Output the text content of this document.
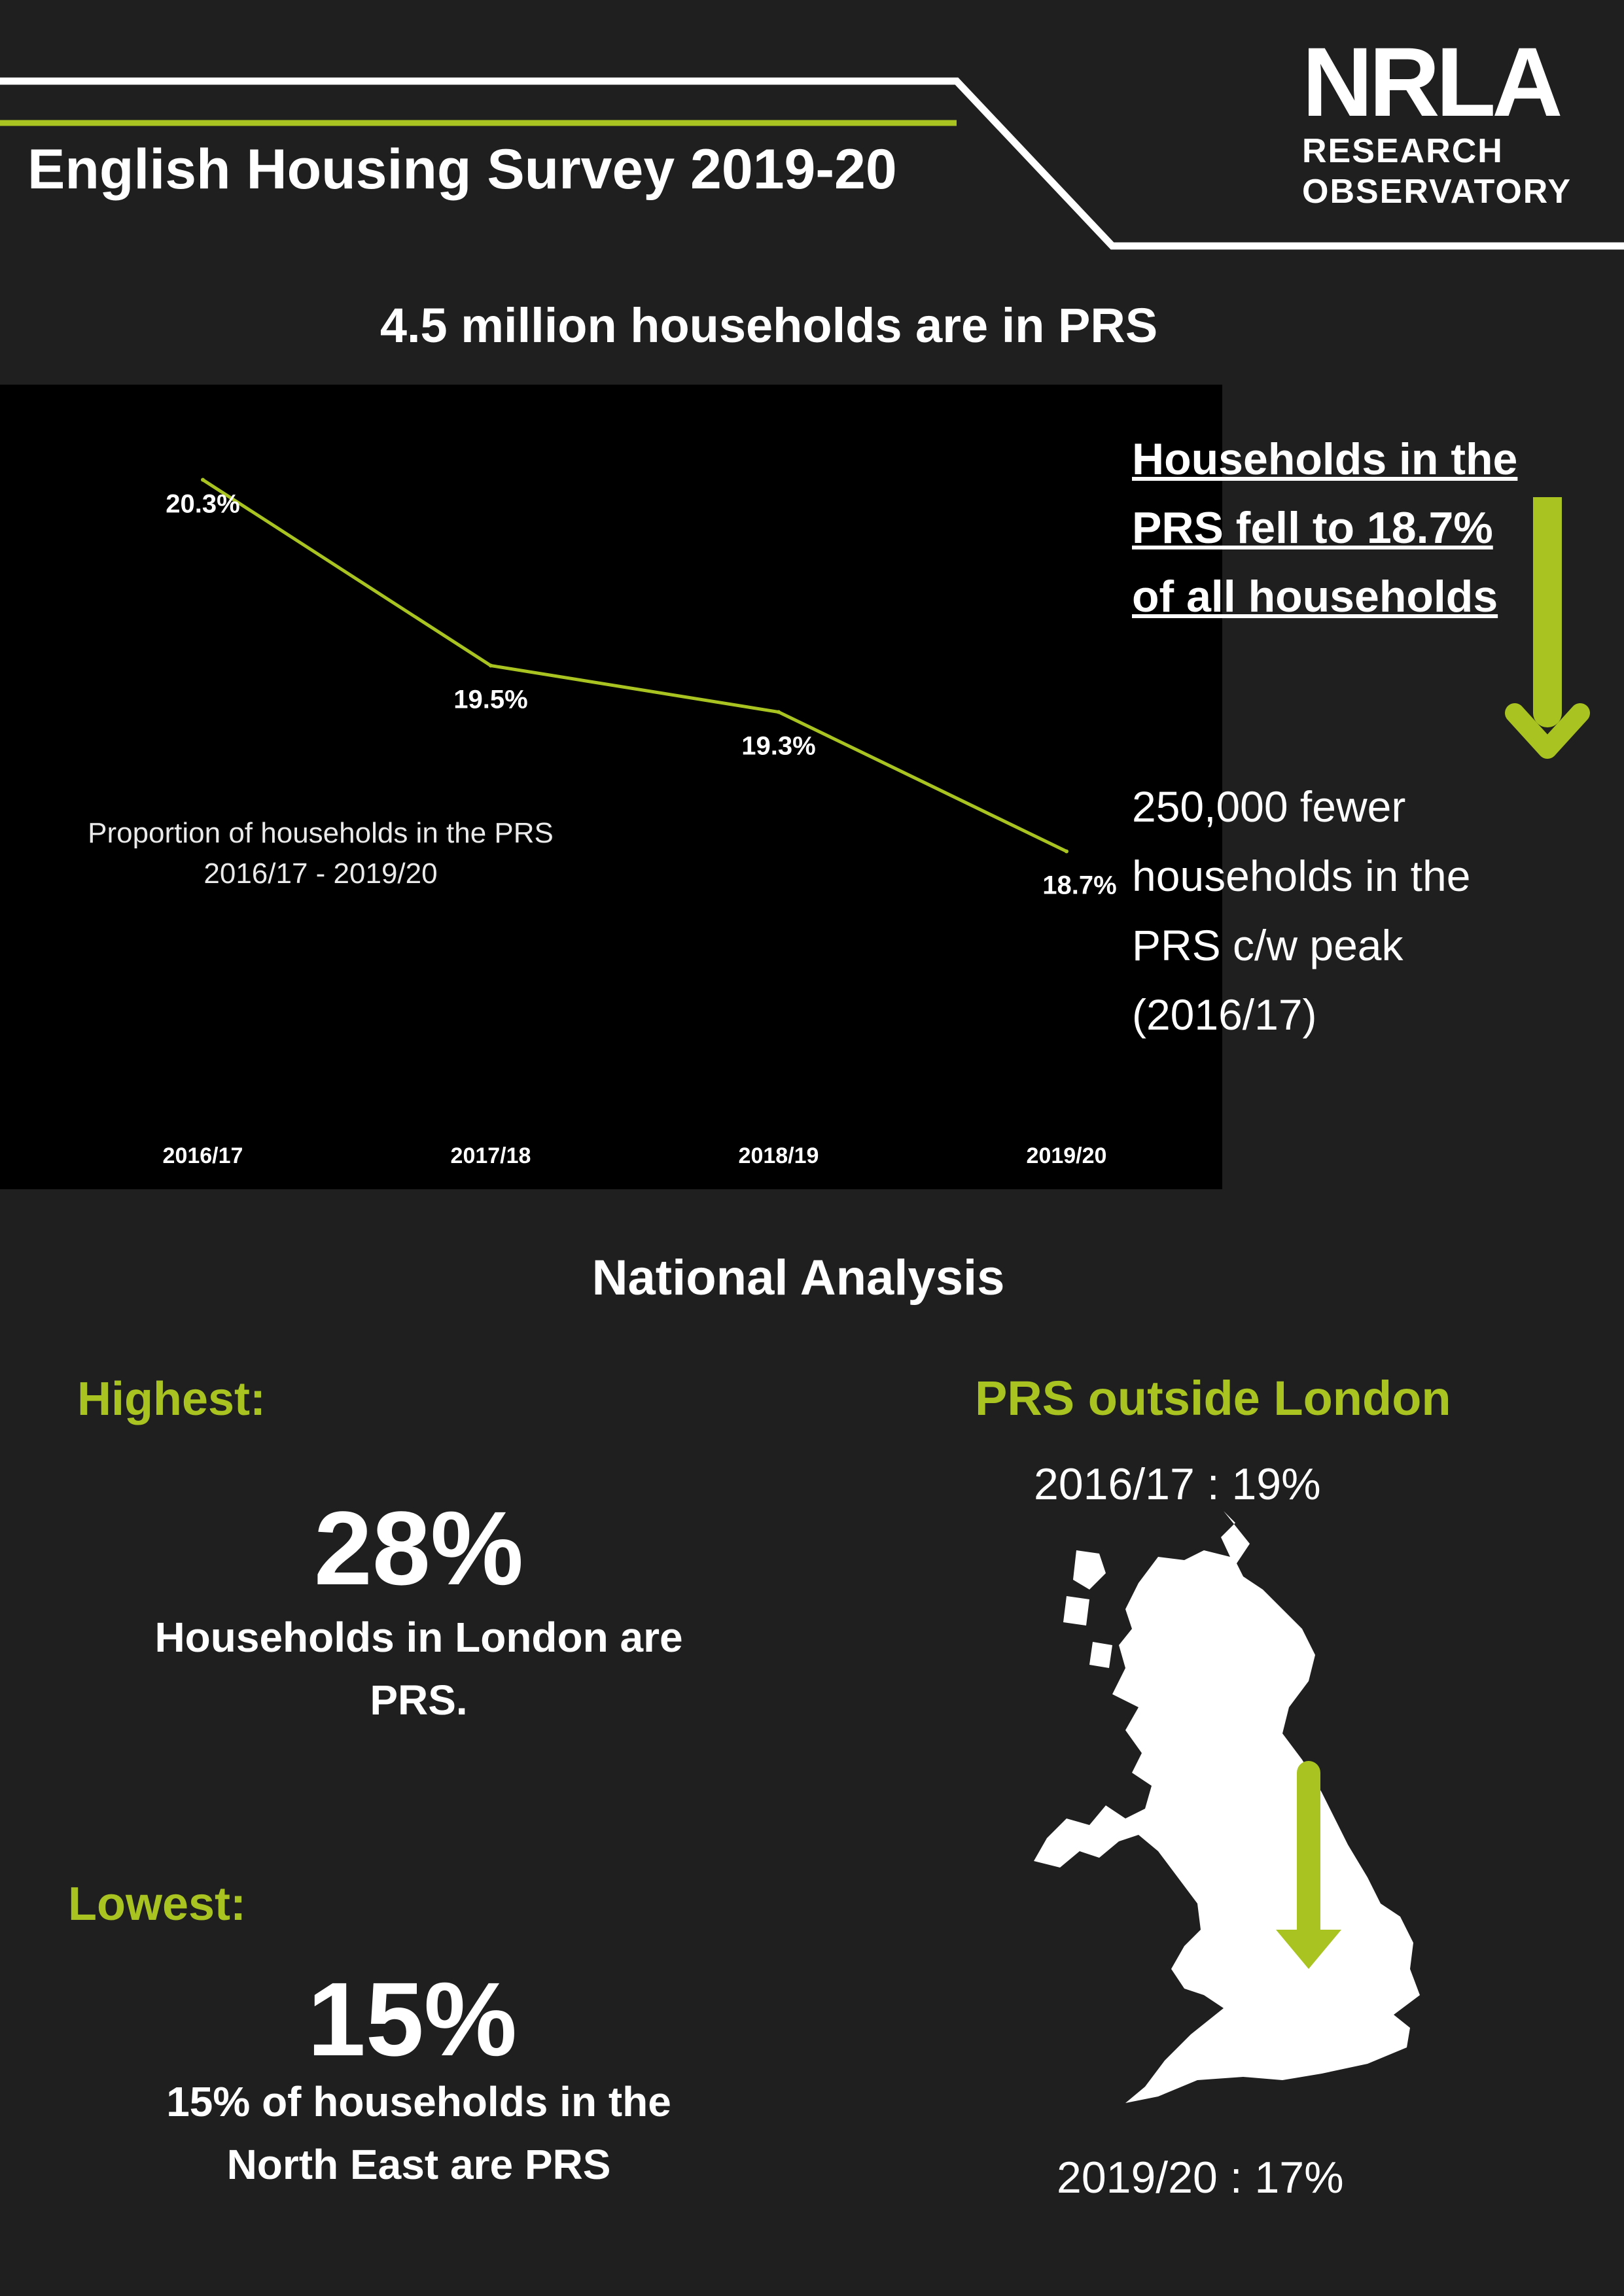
English Housing Survey 2019-20
NRLA
RESEARCH
OBSERVATORY
4.5 million households are in PRS
20.3%
2016/17
19.5%
2017/18
19.3%
2018/19
18.7%
2019/20
Proportion of households in the PRS
2016/17 - 2019/20
Households in the PRS fell to 18.7% of all households
250,000 fewer households in the PRS c/w peak (2016/17)
National Analysis
Highest:
28%
Households in London are PRS.
Lowest:
15%
15% of households in the North East are PRS
PRS outside London
2016/17 : 19%
2019/20 : 17%
